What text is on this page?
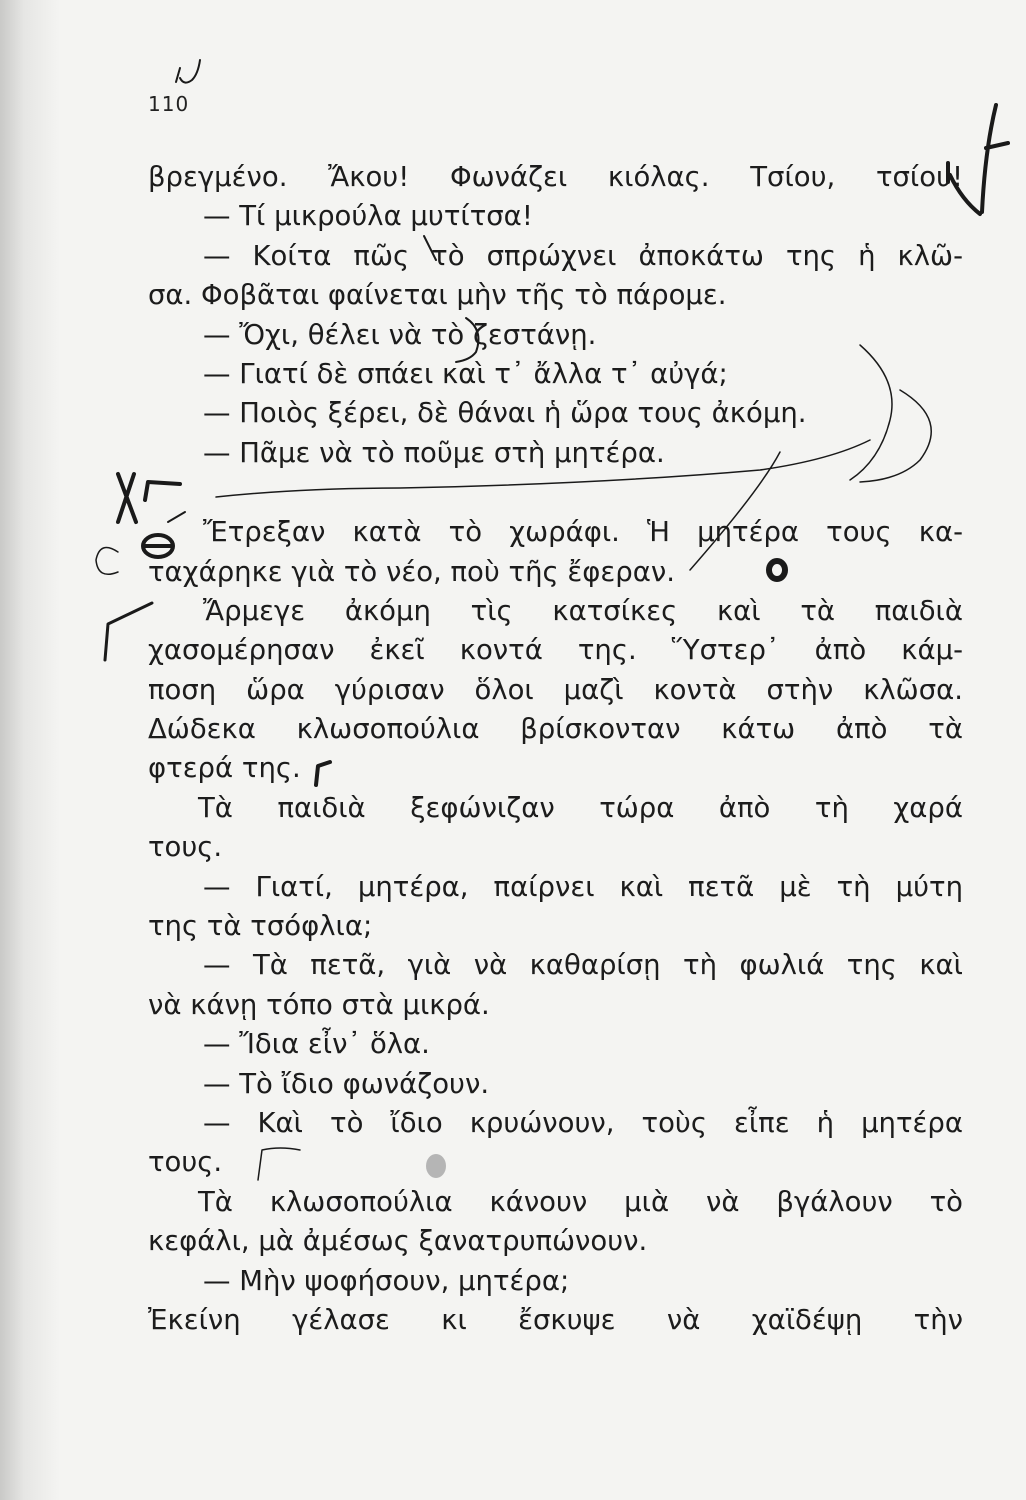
110
βρεγμένο. Ἄκου! Φωνάζει κιόλας. Τσίου, τσίου!
— Τί μικρούλα μυτίτσα!
— Κοίτα πῶς τὸ σπρώχνει ἀποκάτω της ἡ κλῶ-
σα. Φοβᾶται φαίνεται μὴν τῆς τὸ πάρομε.
— Ὄχι, θέλει νὰ τὸ ζεστάνῃ.
— Γιατί δὲ σπάει καὶ τ᾿ ἄλλα τ᾿ αὐγά;
— Ποιὸς ξέρει, δὲ θάναι ἡ ὥρα τους ἀκόμη.
— Πᾶμε νὰ τὸ ποῦμε στὴ μητέρα.
Ἔτρεξαν κατὰ τὸ χωράφι. Ἡ μητέρα τους κα-
ταχάρηκε γιὰ τὸ νέο, ποὺ τῆς ἔφεραν.
Ἄρμεγε ἀκόμη τὶς κατσίκες καὶ τὰ παιδιὰ
χασομέρησαν ἐκεῖ κοντά της. Ὕστερ᾿ ἀπὸ κάμ-
ποση ὥρα γύρισαν ὅλοι μαζὶ κοντὰ στὴν κλῶσα.
Δώδεκα κλωσοπούλια βρίσκονταν κάτω ἀπὸ τὰ
φτερά της.
Τὰ παιδιὰ ξεφώνιζαν τώρα ἀπὸ τὴ χαρά
τους.
— Γιατί, μητέρα, παίρνει καὶ πετᾶ μὲ τὴ μύτη
της τὰ τσόφλια;
— Τὰ πετᾶ, γιὰ νὰ καθαρίσῃ τὴ φωλιά της καὶ
νὰ κάνῃ τόπο στὰ μικρά.
— Ἴδια εἶν᾿ ὅλα.
— Τὸ ἴδιο φωνάζουν.
— Καὶ τὸ ἴδιο κρυώνουν, τοὺς εἶπε ἡ μητέρα
τους.
Τὰ κλωσοπούλια κάνουν μιὰ νὰ βγάλουν τὸ
κεφάλι, μὰ ἀμέσως ξανατρυπώνουν.
— Μὴν ψοφήσουν, μητέρα;
Ἐκείνη γέλασε κι ἔσκυψε νὰ χαϊδέψῃ τὴν
